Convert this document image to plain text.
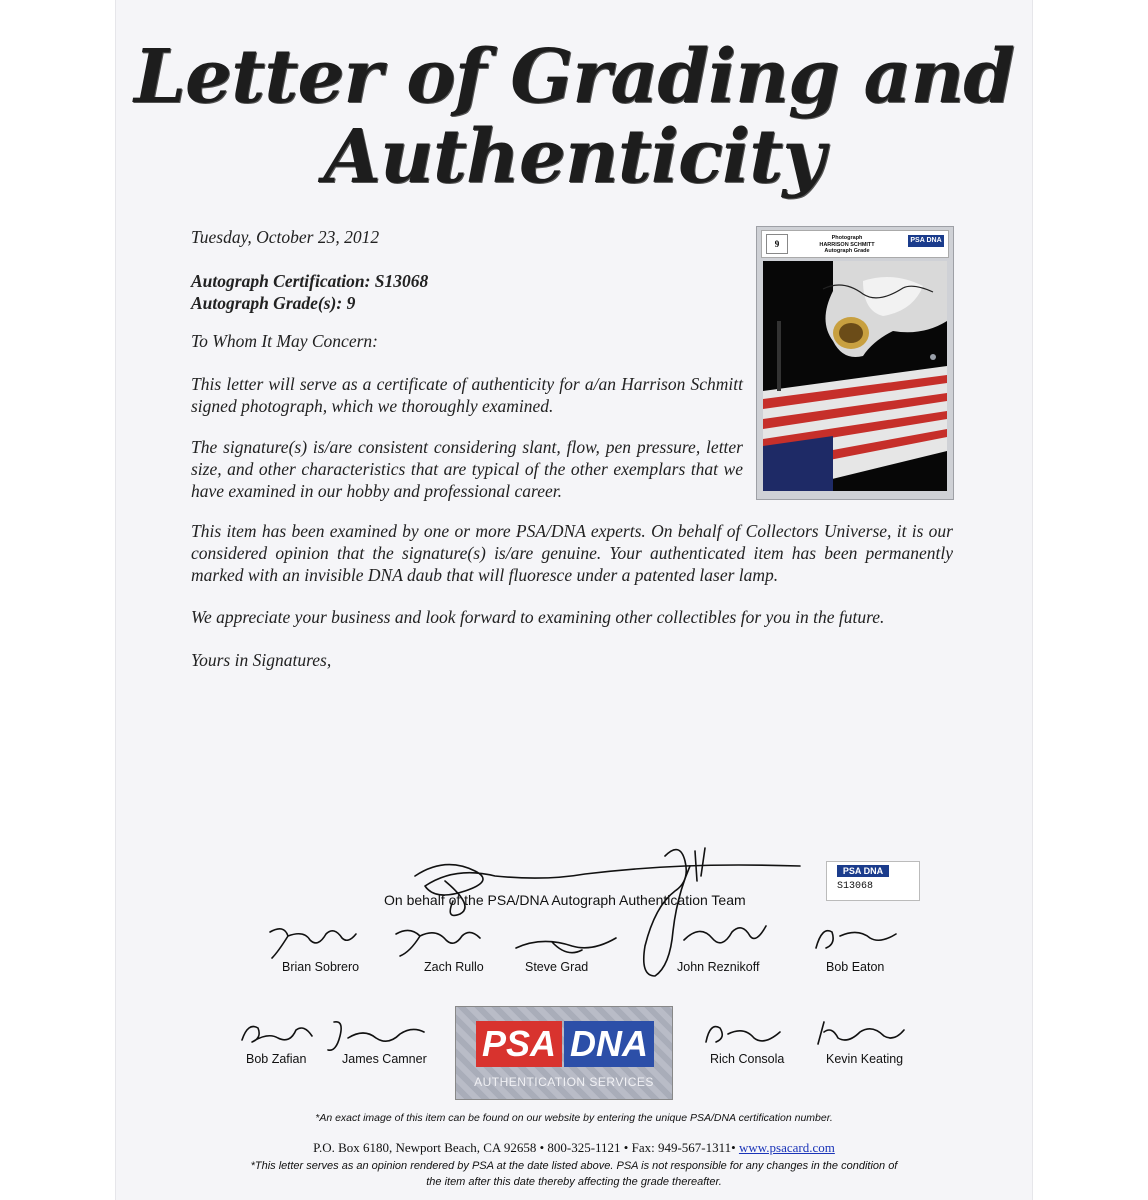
Letter of Grading and
Authenticity

Tuesday, October 23, 2012

Autograph Certification: S13068

Autograph Grade(s): 9

To Whom It May Concern:

This letter will serve as a certificate of authenticity for a/an Harrison Schmitt signed photograph, which we thoroughly examined.

The signature(s) is/are consistent considering slant, flow, pen pressure, letter size, and other characteristics that are typical of the other exemplars that we have examined in our hobby and professional career.

This item has been examined by one or more PSA/DNA experts. On behalf of Collectors Universe, it is our considered opinion that the signature(s) is/are genuine. Your authenticated item has been permanently marked with an invisible DNA daub that will fluoresce under a patented laser lamp.

We appreciate your business and look forward to examining other collectibles for you in the future.

Yours in Signatures,

9
Photograph
HARRISON SCHMITT
Autograph Grade
PSA DNA
On behalf of the PSA/DNA Autograph Authentication Team
PSA DNA
S13068
Brian Sobrero	Zach Rullo	Steve Grad	John Reznikoff	Bob Eaton
Bob Zafian	James Camner	Rich Consola	Kevin Keating
PSA DNA
AUTHENTICATION SERVICES
*An exact image of this item can be found on our website by entering the unique PSA/DNA certification number.
P.O. Box 6180, Newport Beach, CA 92658 • 800-325-1121 • Fax: 949-567-1311• www.psacard.com
*This letter serves as an opinion rendered by PSA at the date listed above. PSA is not responsible for any changes in the condition of
the item after this date thereby affecting the grade thereafter.
